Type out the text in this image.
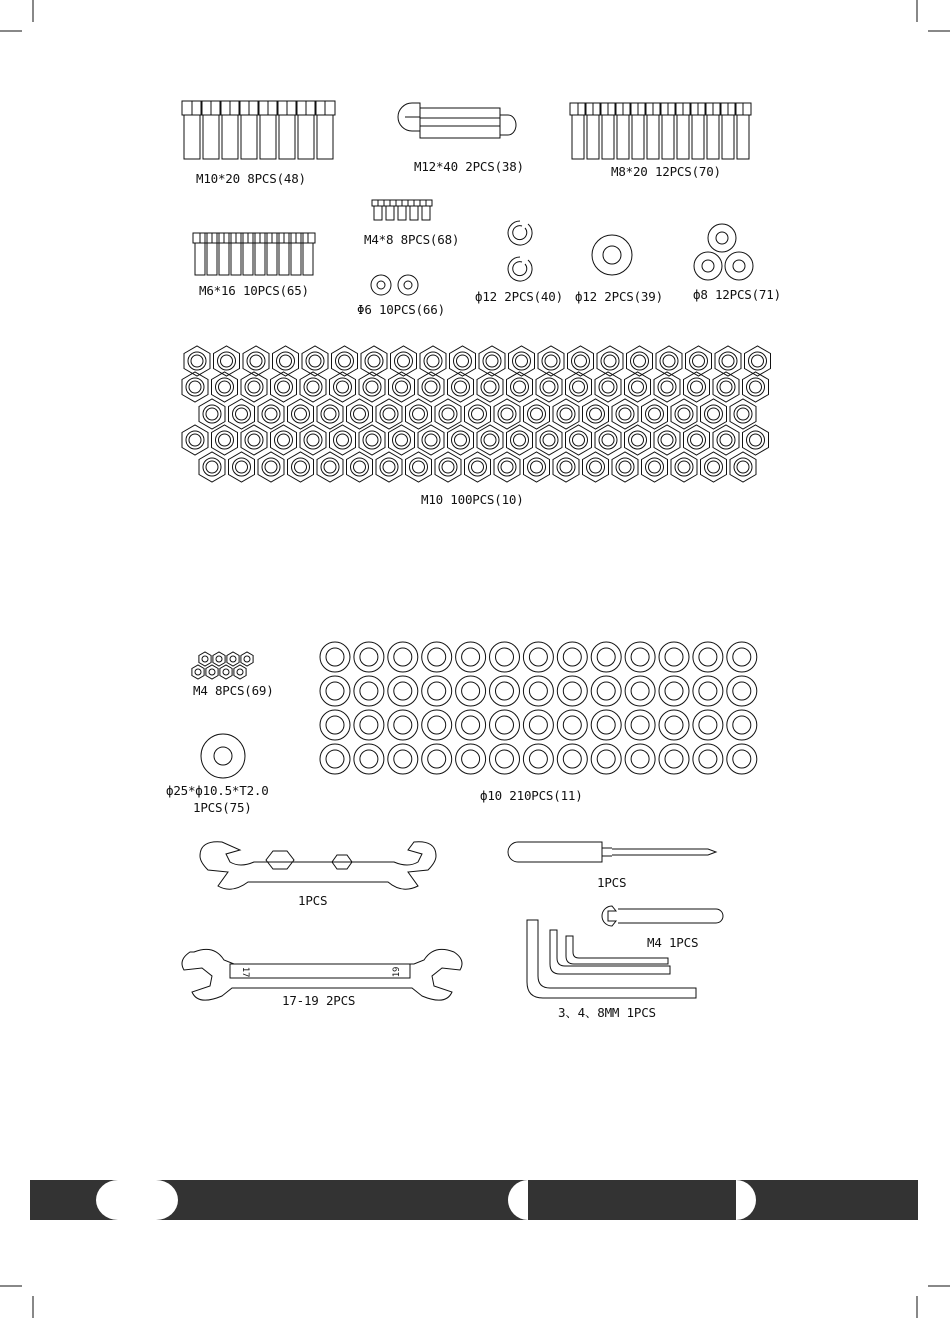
M10*20 8PCS(48)
M12*40 2PCS(38)	M8*20 12PCS(70)
M4*8 8PCS(68)
M6*16 10PCS(65)
Φ6 10PCS(66)
ф12 2PCS(40) ф12 2PCS(39) ф8 12PCS(71)
M10 100PCS(10)
M4 8PCS(69)
ф25*ф10.5*T2.0
1PCS(75)
ф10 210PCS(11)
1PCS
1PCS
M4 1PCS
17-19 2PCS
3、4、8MM 1PCS
17	19
